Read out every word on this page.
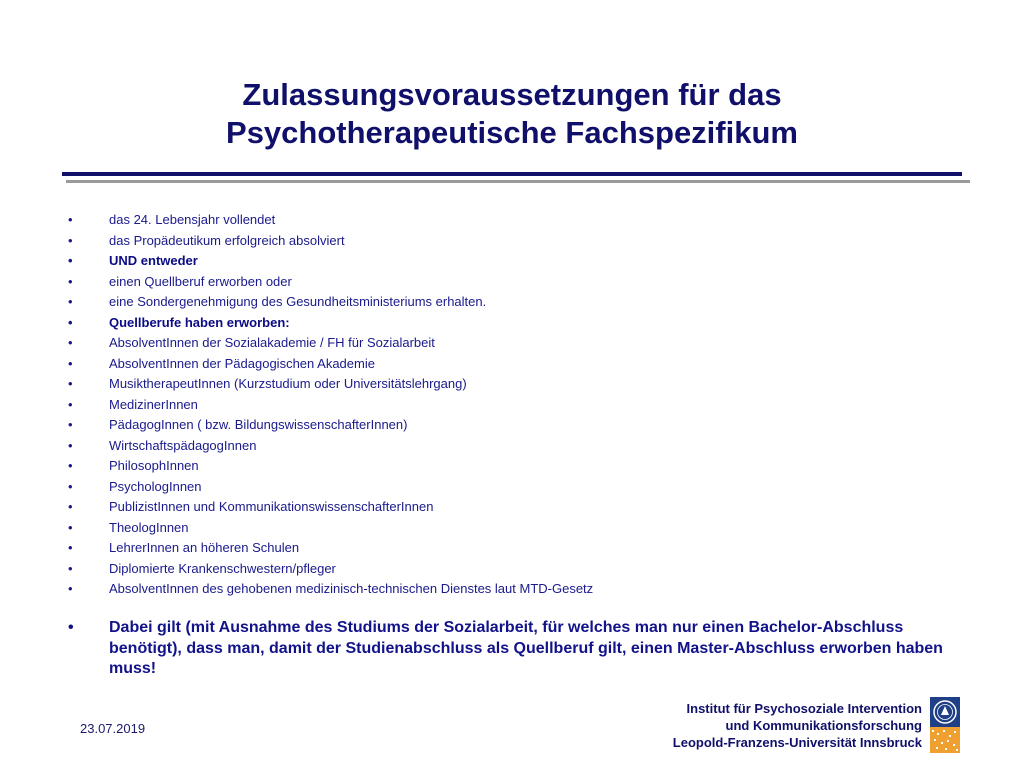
Zulassungsvoraussetzungen für das
Psychotherapeutische Fachspezifikum
•	das 24. Lebensjahr vollendet
•	das Propädeutikum erfolgreich absolviert
•	UND entweder
•	einen Quellberuf erworben oder
•	eine Sondergenehmigung des Gesundheitsministeriums erhalten.
•	Quellberufe haben erworben:
•	AbsolventInnen der Sozialakademie / FH für Sozialarbeit
•	AbsolventInnen der Pädagogischen Akademie
•	MusiktherapeutInnen (Kurzstudium oder Universitätslehrgang)
•	MedizinerInnen
•	PädagogInnen ( bzw. BildungswissenschafterInnen)
•	WirtschaftspädagogInnen
•	PhilosophInnen
•	PsychologInnen
•	PublizistInnen und KommunikationswissenschafterInnen
•	TheologInnen
•	LehrerInnen an höheren Schulen
•	Diplomierte Krankenschwestern/pfleger
•	AbsolventInnen des gehobenen medizinisch-technischen Dienstes laut MTD-Gesetz
• Dabei gilt (mit Ausnahme des Studiums der Sozialarbeit, für welches man nur einen Bachelor-Abschluss benötigt), dass man, damit der Studienabschluss als Quellberuf gilt, einen Master-Abschluss erworben haben muss!
23.07.2019
Institut für Psychosoziale Intervention
und Kommunikationsforschung
Leopold-Franzens-Universität Innsbruck
